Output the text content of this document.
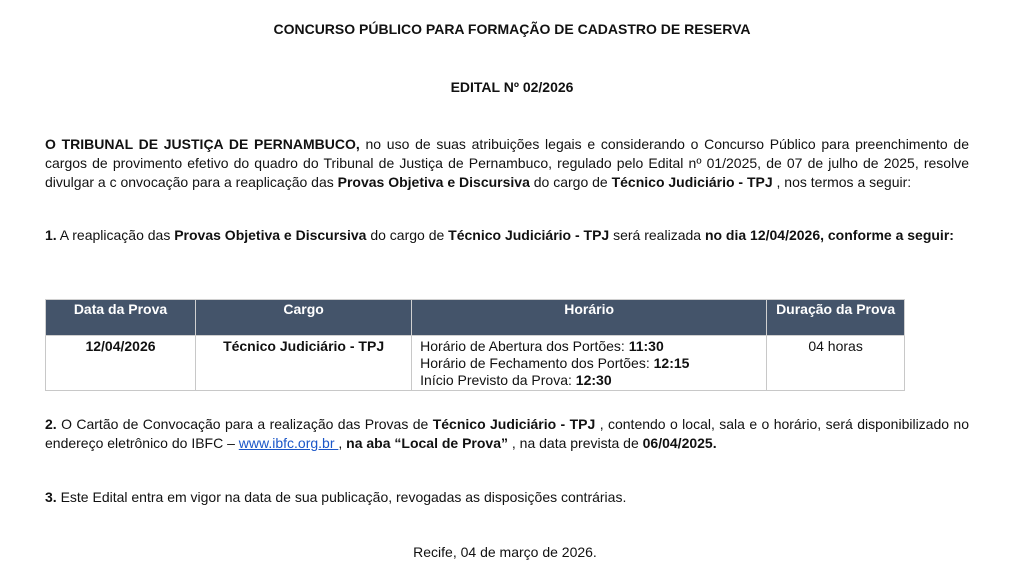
CONCURSO PÚBLICO PARA FORMAÇÃO DE CADASTRO DE RESERVA
EDITAL Nº 02/2026

O TRIBUNAL DE JUSTIÇA DE PERNAMBUCO, no uso de suas atribuições legais e considerando o Concurso Público para preenchimento de cargos de provimento efetivo do quadro do Tribunal de Justiça de Pernambuco, regulado pelo Edital nº 01/2025, de 07 de julho de 2025, resolve divulgar a c onvocação para a reaplicação das Provas Objetiva e Discursiva do cargo de Técnico Judiciário - TPJ , nos termos a seguir:

1. A reaplicação das Provas Objetiva e Discursiva do cargo de Técnico Judiciário - TPJ será realizada no dia 12/04/2026, conforme a seguir:

Data da Prova	Cargo	Horário	Duração da Prova
12/04/2026	Técnico Judiciário - TPJ	Horário de Abertura dos Portões: 11:30
Horário de Fechamento dos Portões: 12:15
Início Previsto da Prova: 12:30	04 horas

2. O Cartão de Convocação para a realização das Provas de Técnico Judiciário - TPJ , contendo o local, sala e o horário, será disponibilizado no endereço eletrônico do IBFC – www.ibfc.org.br , na aba “Local de Prova” , na data prevista de 06/04/2025.

3. Este Edital entra em vigor na data de sua publicação, revogadas as disposições contrárias.

Recife, 04 de março de 2026.
